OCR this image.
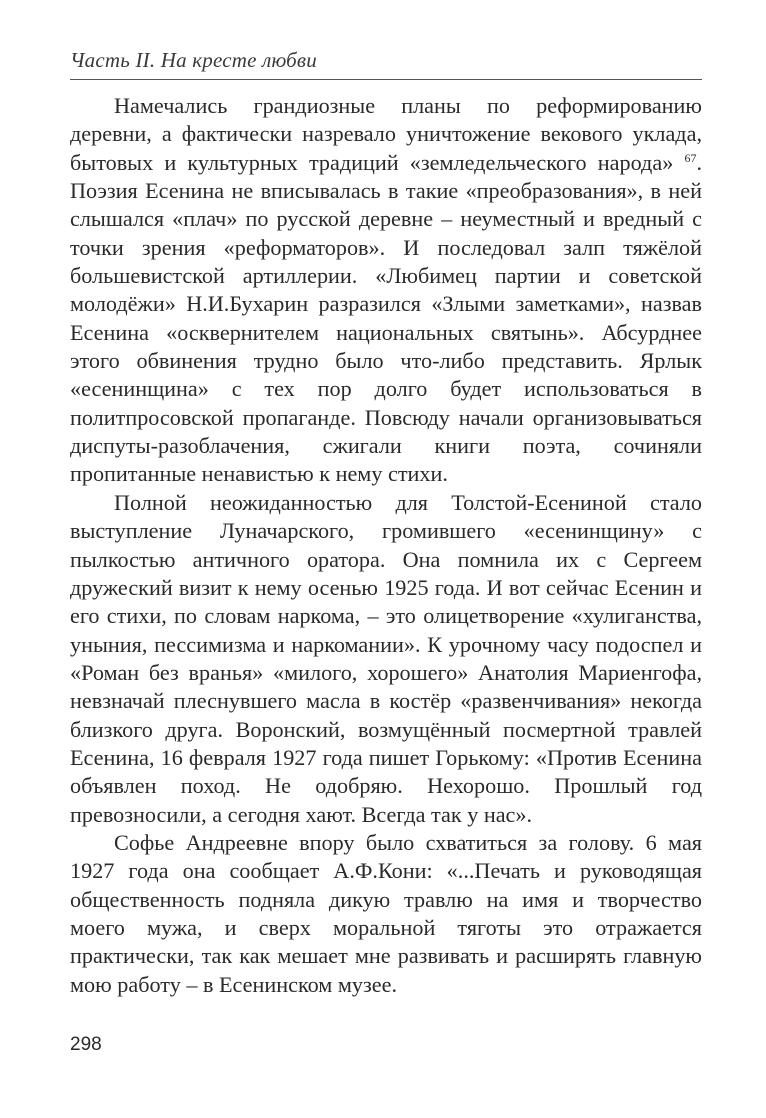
Часть II. На кресте любви

Намечались грандиозные планы по реформированию деревни, а фактически назревало уничтожение векового уклада, бытовых и культурных традиций «земледельческого народа» $^{67}$. Поэзия Есенина не вписывалась в такие «преобразования», в ней слышался «плач» по русской деревне – неуместный и вредный с точки зрения «реформаторов». И последовал залп тяжёлой большевистской артиллерии. «Любимец партии и советской молодёжи» Н.И.Бухарин разразился «Злыми заметками», назвав Есенина «осквернителем национальных святынь». Абсурднее этого обвинения трудно было что-либо представить. Ярлык «есенинщина» с тех пор долго будет использоваться в политпросовской пропаганде. Повсюду начали организовываться диспуты-разоблачения, сжигали книги поэта, сочиняли пропитанные ненавистью к нему стихи.

Полной неожиданностью для Толстой-Есениной стало выступление Луначарского, громившего «есенинщину» с пылкостью античного оратора. Она помнила их с Сергеем дружеский визит к нему осенью 1925 года. И вот сейчас Есенин и его стихи, по словам наркома, – это олицетворение «хулиганства, уныния, пессимизма и наркомании». К урочному часу подоспел и «Роман без вранья» «милого, хорошего» Анатолия Мариенгофа, невзначай плеснувшего масла в костёр «развенчивания» некогда близкого друга. Воронский, возмущённый посмертной травлей Есенина, 16 февраля 1927 года пишет Горькому: «Против Есенина объявлен поход. Не одобряю. Нехорошо. Прошлый год превозносили, а сегодня хают. Всегда так у нас».

Софье Андреевне впору было схватиться за голову. 6 мая 1927 года она сообщает А.Ф.Кони: «...Печать и руководящая общественность подняла дикую травлю на имя и творчество моего мужа, и сверх моральной тяготы это отражается практически, так как мешает мне развивать и расширять главную мою работу – в Есенинском музее.

298
